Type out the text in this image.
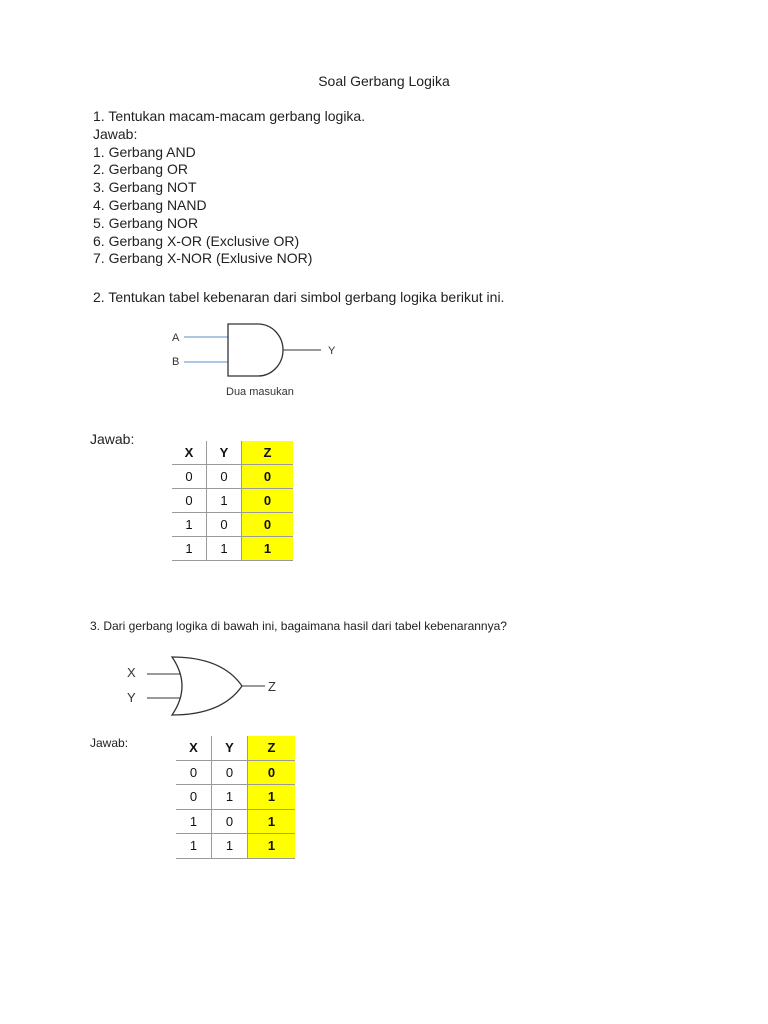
Soal Gerbang Logika
1. Tentukan macam-macam gerbang logika.
Jawab:
1. Gerbang AND
2. Gerbang OR
3. Gerbang NOT
4. Gerbang NAND
5. Gerbang NOR
6. Gerbang X-OR (Exclusive OR)
7. Gerbang X-NOR (Exlusive NOR)
2. Tentukan tabel kebenaran dari simbol gerbang logika berikut ini.
A
B
Y
Dua masukan
Jawab:
X	Y	Z
0	0	0
0	1	0
1	0	0
1	1	1
3. Dari gerbang logika di bawah ini, bagaimana hasil dari tabel kebenarannya?
X
Y
Z
Jawab:	X	Y	Z
0	0	0
0	1	1
1	0	1
1	1	1
